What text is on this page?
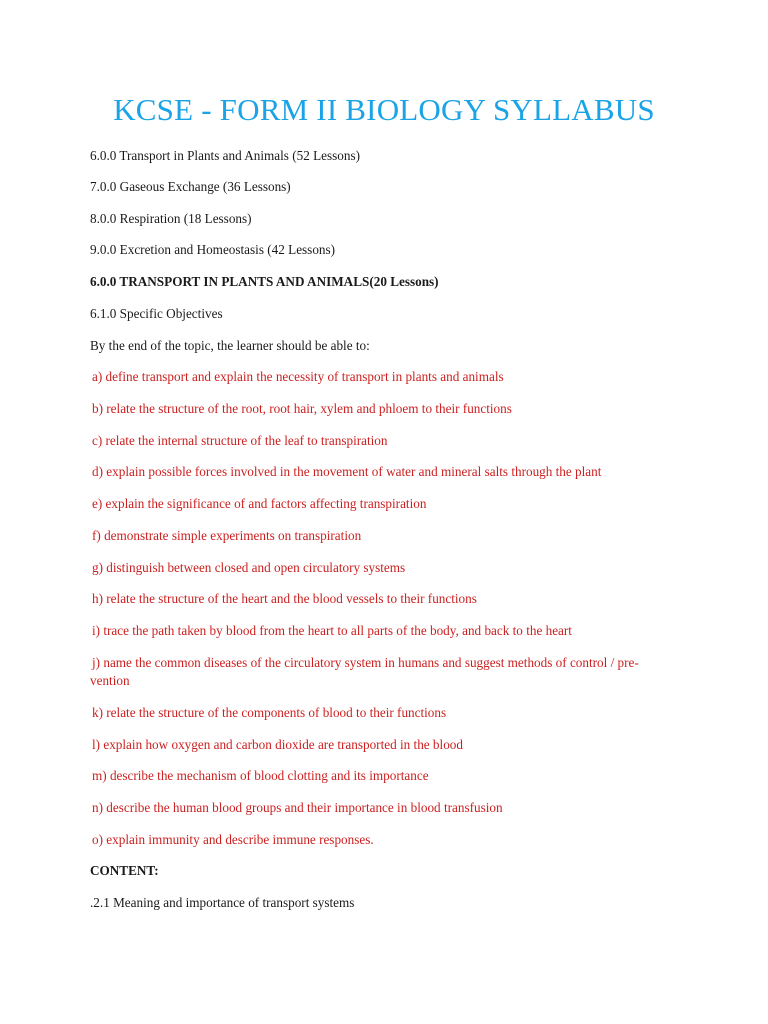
KCSE - FORM II BIOLOGY SYLLABUS

6.0.0 Transport in Plants and Animals (52 Lessons)

7.0.0 Gaseous Exchange (36 Lessons)

8.0.0 Respiration (18 Lessons)

9.0.0 Excretion and Homeostasis (42 Lessons)

6.0.0 TRANSPORT IN PLANTS AND ANIMALS(20 Lessons)

6.1.0 Specific Objectives

By the end of the topic, the learner should be able to:

a) define transport and explain the necessity of transport in plants and animals

b) relate the structure of the root, root hair, xylem and phloem to their functions

c) relate the internal structure of the leaf to transpiration

d) explain possible forces involved in the movement of water and mineral salts through the plant

e) explain the significance of and factors affecting transpiration

f) demonstrate simple experiments on transpiration

g) distinguish between closed and open circulatory systems

h) relate the structure of the heart and the blood vessels to their functions

i) trace the path taken by blood from the heart to all parts of the body, and back to the heart

j) name the common diseases of the circulatory system in humans and suggest methods of control / pre-vention

k) relate the structure of the components of blood to their functions

l) explain how oxygen and carbon dioxide are transported in the blood

m) describe the mechanism of blood clotting and its importance

n) describe the human blood groups and their importance in blood transfusion

o) explain immunity and describe immune responses.

CONTENT:

.2.1 Meaning and importance of transport systems
